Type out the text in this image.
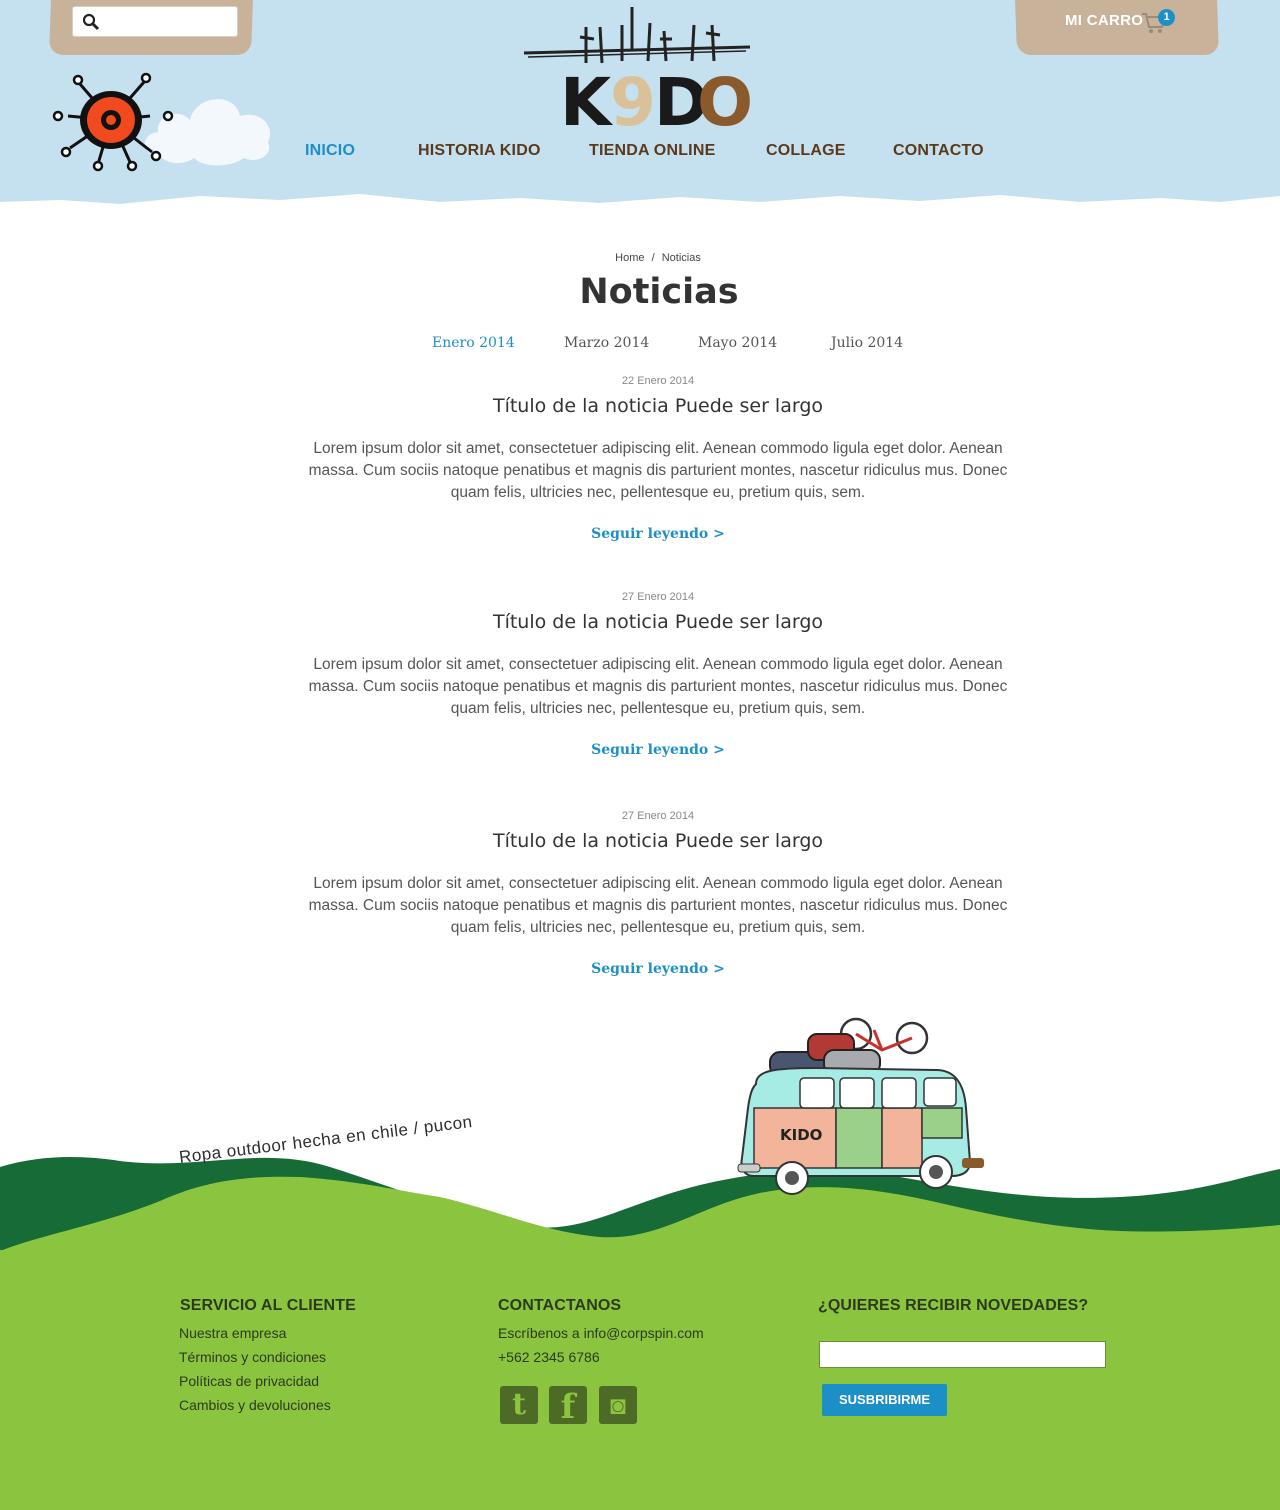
K
9
D
O
MI CARRO	1
INICIO	HISTORIA KIDO	TIENDA ONLINE	COLLAGE	CONTACTO
Home / Noticias
Noticias
Enero 2014	Marzo 2014	Mayo 2014	Julio 2014
22 Enero 2014
Título de la noticia Puede ser largo
Lorem ipsum dolor sit amet, consectetuer adipiscing elit. Aenean commodo ligula eget dolor. Aenean massa. Cum sociis natoque penatibus et magnis dis parturient montes, nascetur ridiculus mus. Donec quam felis, ultricies nec, pellentesque eu, pretium quis, sem.
Seguir leyendo >
27 Enero 2014
Título de la noticia Puede ser largo
Lorem ipsum dolor sit amet, consectetuer adipiscing elit. Aenean commodo ligula eget dolor. Aenean massa. Cum sociis natoque penatibus et magnis dis parturient montes, nascetur ridiculus mus. Donec quam felis, ultricies nec, pellentesque eu, pretium quis, sem.
Seguir leyendo >
27 Enero 2014
Título de la noticia Puede ser largo
Lorem ipsum dolor sit amet, consectetuer adipiscing elit. Aenean commodo ligula eget dolor. Aenean massa. Cum sociis natoque penatibus et magnis dis parturient montes, nascetur ridiculus mus. Donec quam felis, ultricies nec, pellentesque eu, pretium quis, sem.
Seguir leyendo >
KIDO
Ropa outdoor hecha en chile / pucon
SERVICIO AL CLIENTE
Nuestra empresa
Términos y condiciones
Políticas de privacidad
Cambios y devoluciones
CONTACTANOS
Escríbenos a info@corpspin.com
+562 2345 6786
t	f	◙
¿QUIERES RECIBIR NOVEDADES?
SUSBRIBIRME
